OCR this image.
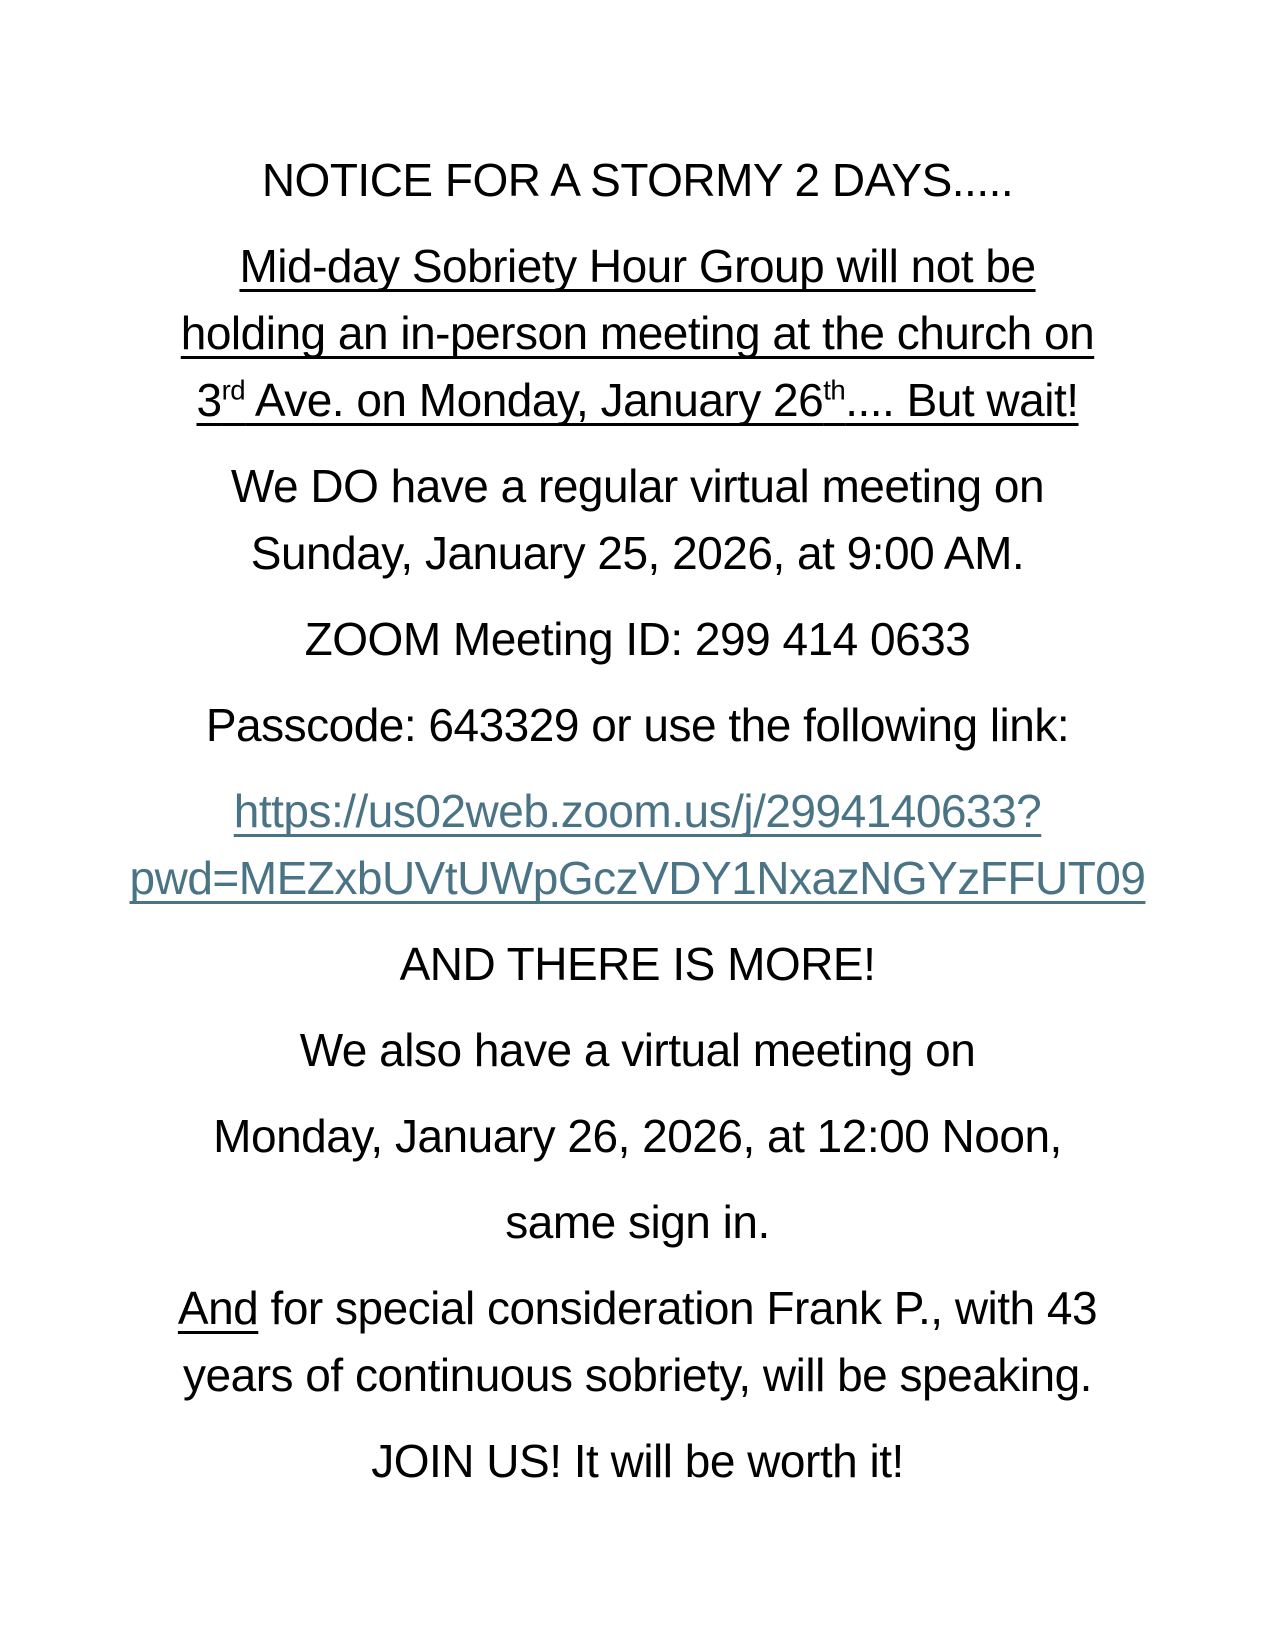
NOTICE FOR A STORMY 2 DAYS.....

Mid-day Sobriety Hour Group will not be
holding an in-person meeting at the church on
3rd Ave. on Monday, January 26th.... But wait!

We DO have a regular virtual meeting on
Sunday, January 25, 2026, at 9:00 AM.

ZOOM Meeting ID: 299 414 0633

Passcode: 643329 or use the following link:

https://us02web.zoom.us/j/2994140633?
pwd=MEZxbUVtUWpGczVDY1NxazNGYzFFUT09

AND THERE IS MORE!

We also have a virtual meeting on

Monday, January 26, 2026, at 12:00 Noon,

same sign in.

And for special consideration Frank P., with 43
years of continuous sobriety, will be speaking.

JOIN US! It will be worth it!
